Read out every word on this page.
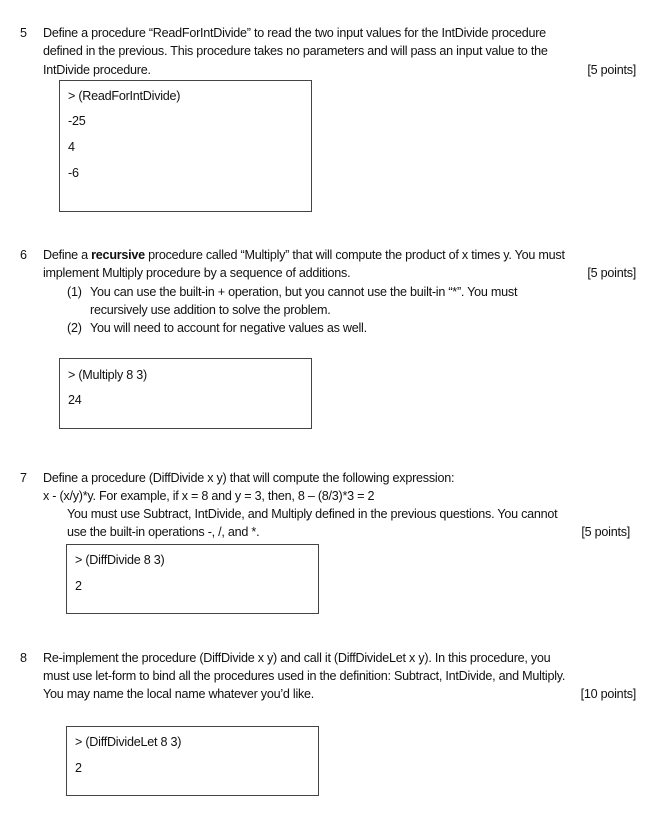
5 Define a procedure “ReadForIntDivide” to read the two input values for the IntDivide procedure
defined in the previous. This procedure takes no parameters and will pass an input value to the
IntDivide procedure.	[5 points]
> (ReadForIntDivide)
-25
4
-6
6 Define a recursive procedure called “Multiply” that will compute the product of x times y. You must
implement Multiply procedure by a sequence of additions.	[5 points]
(1) You can use the built-in + operation, but you cannot use the built-in “*”. You must
recursively use addition to solve the problem.
(2) You will need to account for negative values as well.
> (Multiply 8 3)
24
7 Define a procedure (DiffDivide x y) that will compute the following expression:
x - (x/y)*y. For example, if x = 8 and y = 3, then, 8 – (8/3)*3 = 2
You must use Subtract, IntDivide, and Multiply defined in the previous questions. You cannot
use the built-in operations -, /, and *.	[5 points]
> (DiffDivide 8 3)
2
8 Re-implement the procedure (DiffDivide x y) and call it (DiffDivideLet x y). In this procedure, you
must use let-form to bind all the procedures used in the definition: Subtract, IntDivide, and Multiply.
You may name the local name whatever you’d like.	[10 points]
> (DiffDivideLet 8 3)
2
